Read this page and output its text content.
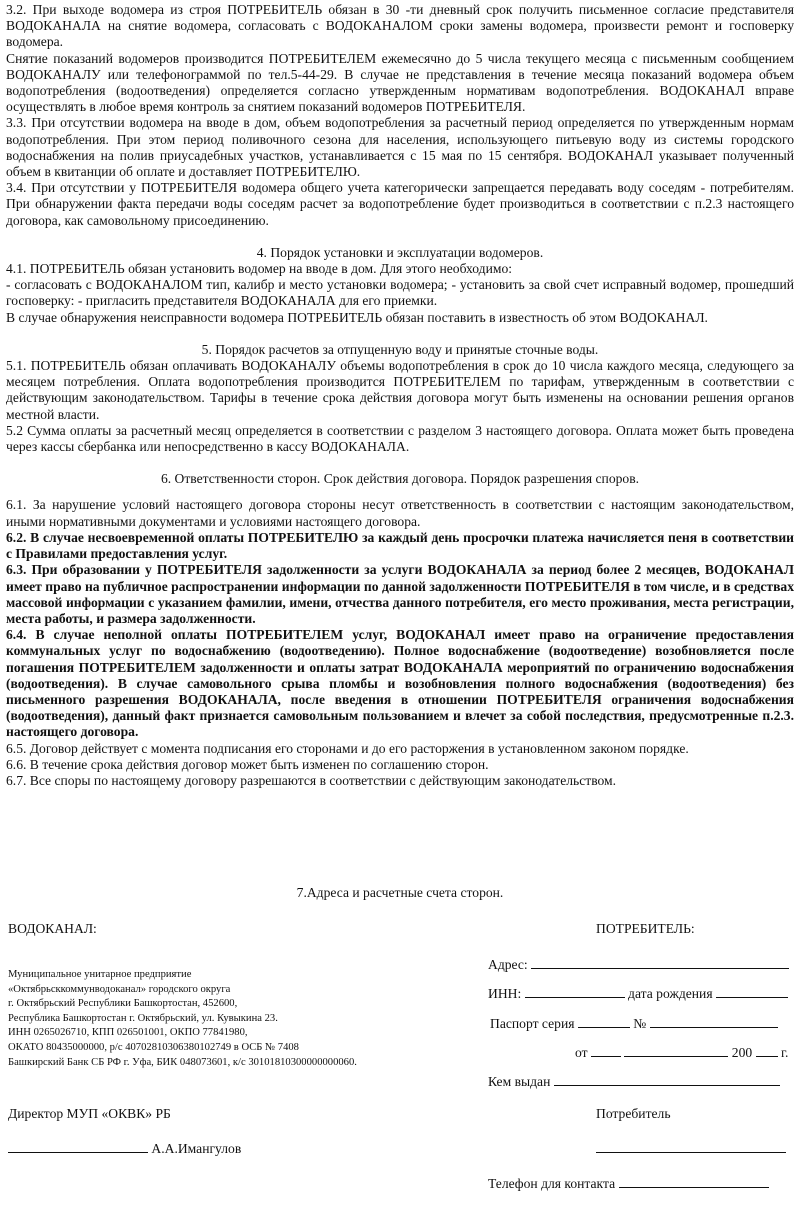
3.2. При выходе водомера из строя ПОТРЕБИТЕЛЬ обязан в 30 -ти дневный срок получить письменное согласие представителя ВОДОКАНАЛА на снятие водомера, согласовать с ВОДОКАНАЛОМ сроки замены водомера, произвести ремонт и госповерку водомера.

Снятие показаний водомеров производится ПОТРЕБИТЕЛЕМ ежемесячно до 5 числа текущего месяца с письменным сообщением ВОДОКАНАЛУ или телефонограммой по тел.5-44-29. В случае не представления в течение месяца показаний водомера объем водопотребления (водоотведения) определяется согласно утвержденным нормативам водопотребления. ВОДОКАНАЛ вправе осуществлять в любое время контроль за снятием показаний водомеров ПОТРЕБИТЕЛЯ.

3.3. При отсутствии водомера на вводе в дом, объем водопотребления за расчетный период определяется по утвержденным нормам водопотребления. При этом период поливочного сезона для населения, использующего питьевую воду из системы городского водоснабжения на полив приусадебных участков, устанавливается с 15 мая по 15 сентября. ВОДОКАНАЛ указывает полученный объем в квитанции об оплате и доставляет ПОТРЕБИТЕЛЮ.

3.4. При отсутствии у ПОТРЕБИТЕЛЯ водомера общего учета категорически запрещается передавать воду соседям - потребителям. При обнаружении факта передачи воды соседям расчет за водопотребление будет производиться в соответствии с п.2.3 настоящего договора, как самовольному присоединению.

4. Порядок установки и эксплуатации водомеров.

4.1. ПОТРЕБИТЕЛЬ обязан установить водомер на вводе в дом. Для этого необходимо:

- согласовать с ВОДОКАНАЛОМ тип, калибр и место установки водомера; - установить за свой счет исправный водомер, прошедший госповерку: - пригласить представителя ВОДОКАНАЛА для его приемки.

В случае обнаружения неисправности водомера ПОТРЕБИТЕЛЬ обязан поставить в известность об этом ВОДОКАНАЛ.

5. Порядок расчетов за отпущенную воду и принятые сточные воды.

5.1. ПОТРЕБИТЕЛЬ обязан оплачивать ВОДОКАНАЛУ объемы водопотребления в срок до 10 числа каждого месяца, следующего за месяцем потребления. Оплата водопотребления производится ПОТРЕБИТЕЛЕМ по тарифам, утвержденным в соответствии с действующим законодательством. Тарифы в течение срока действия договора могут быть изменены на основании решения органов местной власти.

5.2 Сумма оплаты за расчетный месяц определяется в соответствии с разделом 3 настоящего договора. Оплата может быть проведена через кассы сбербанка или непосредственно в кассу ВОДОКАНАЛА.

6. Ответственности сторон. Срок действия договора. Порядок разрешения споров.

6.1. За нарушение условий настоящего договора стороны несут ответственность в соответствии с настоящим законодательством, иными нормативными документами и условиями настоящего договора.

6.2. В случае несвоевременной оплаты ПОТРЕБИТЕЛЮ за каждый день просрочки платежа начисляется пеня в соответствии с Правилами предоставления услуг.

6.3. При образовании у ПОТРЕБИТЕЛЯ задолженности за услуги ВОДОКАНАЛА за период более 2 месяцев, ВОДОКАНАЛ имеет право на публичное распространении информации по данной задолженности ПОТРЕБИТЕЛЯ в том числе, и в средствах массовой информации с указанием фамилии, имени, отчества данного потребителя, его место проживания, места регистрации, места работы, и размера задолженности.

6.4. В случае неполной оплаты ПОТРЕБИТЕЛЕМ услуг, ВОДОКАНАЛ имеет право на ограничение предоставления коммунальных услуг по водоснабжению (водоотведению). Полное водоснабжение (водоотведение) возобновляется после погашения ПОТРЕБИТЕЛЕМ задолженности и оплаты затрат ВОДОКАНАЛА мероприятий по ограничению водоснабжения (водоотведения). В случае самовольного срыва пломбы и возобновления полного водоснабжения (водоотведения) без письменного разрешения ВОДОКАНАЛА, после введения в отношении ПОТРЕБИТЕЛЯ ограничения водоснабжения (водоотведения), данный факт признается самовольным пользованием и влечет за собой последствия, предусмотренные п.2.3. настоящего договора.

6.5. Договор действует с момента подписания его сторонами и до его расторжения в установленном законом порядке.

6.6. В течение срока действия договор может быть изменен по соглашению сторон.

6.7. Все споры по настоящему договору разрешаются в соответствии с действующим законодательством.

7.Адреса и расчетные счета сторон.
ВОДОКАНАЛ:	ПОТРЕБИТЕЛЬ:
Муниципальное унитарное предприятие
«Октябрьсккоммунводоканал» городского округа
г. Октябрьский Республики Башкортостан, 452600,
Республика Башкортостан г. Октябрьский, ул. Кувыкина 23.
ИНН 0265026710, КПП 026501001, ОКПО 77841980,
ОКАТО 80435000000, р/с 40702810306380102749 в ОСБ № 7408
Башкирский Банк СБ РФ г. Уфа, БИК 048073601, к/с 30101810300000000060.
Адрес:
ИНН:	дата рождения
Паспорт серия	№
от	200 г.
Кем выдан
Директор МУП «ОКВК» РБ	Потребитель
А.А.Имангулов
Телефон для контакта
